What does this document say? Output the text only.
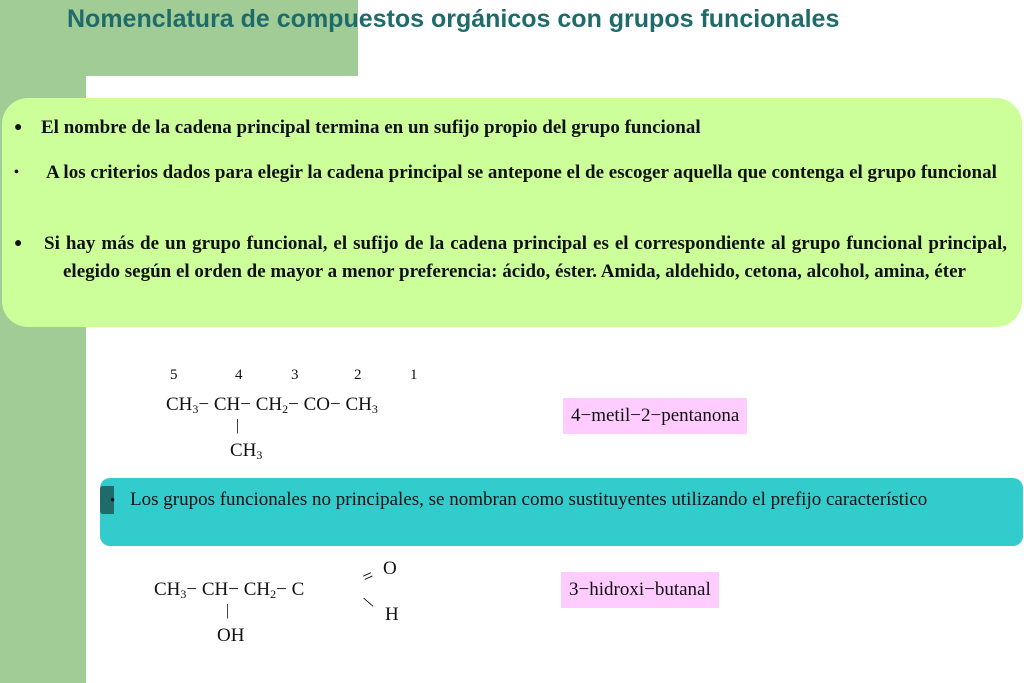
Nomenclatura de compuestos orgánicos con grupos funcionales
● El nombre de la cadena principal termina en un sufijo propio del grupo funcional
•	A los criterios dados para elegir la cadena principal se antepone el de escoger aquella que contenga el grupo funcional
●	Si hay más de un grupo funcional, el sufijo de la cadena principal es el correspondiente al grupo funcional principal, elegido según el orden de mayor a menor preferencia: ácido, éster. Amida, aldehido, cetona, alcohol, amina, éter
5	4	3	2	1
$CH_3- CH- CH_2- CO- CH_3$
|
$CH_3$
4−metil−2−pentanona
• Los grupos funcionales no principales, se nombran como sustituyentes utilizando el prefijo característico
$CH_3- CH- CH_2- C$
= O
\
H
|
OH
3−hidroxi−butanal
